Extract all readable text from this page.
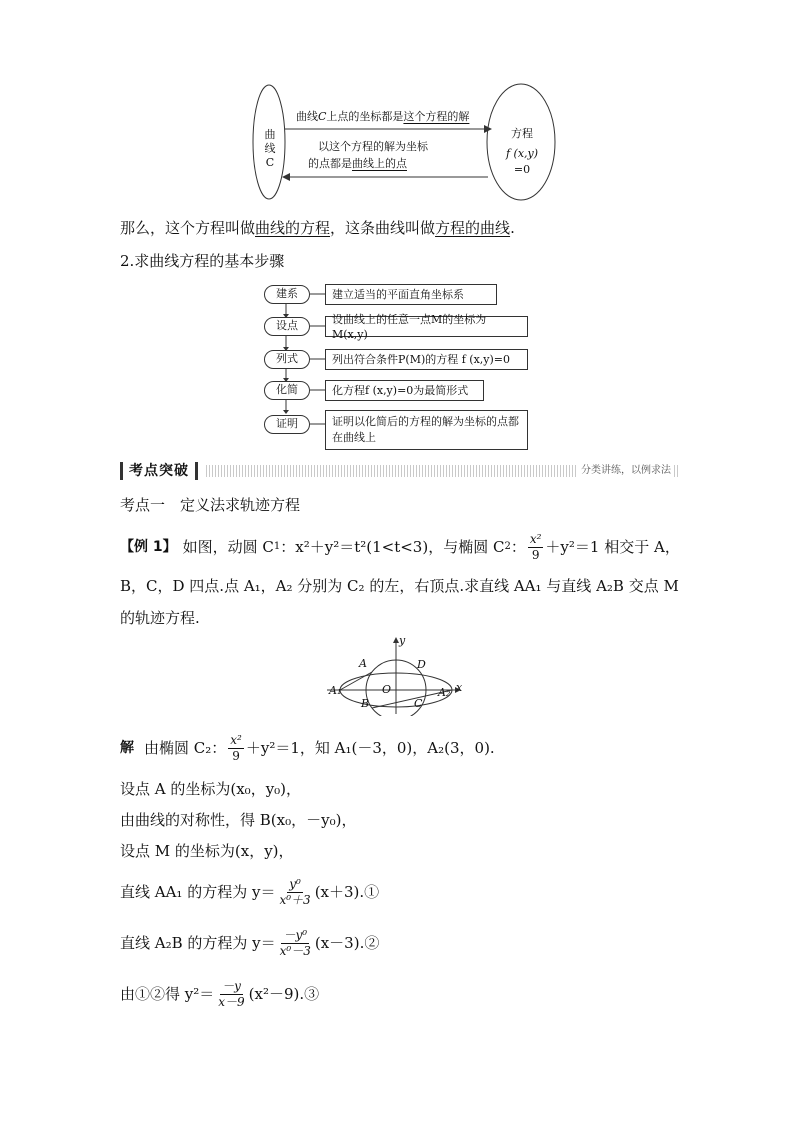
曲线C
方程
f (x,y)
=0
曲线C上点的坐标都是这个方程的解
以这个方程的解为坐标
的点都是曲线上的点
那么，这个方程叫做曲线的方程，这条曲线叫做方程的曲线.
2.求曲线方程的基本步骤
建系	建立适当的平面直角坐标系
设点	设曲线上的任意一点M的坐标为M(x,y)
列式	列出符合条件P(M)的方程 f (x,y)=0
化简	化方程f (x,y)=0为最简形式
证明	证明以化简后的方程的解为坐标的点都在曲线上
考点突破	分类讲练，以例求法
考点一　定义法求轨迹方程
【例 1】 如图，动圆 C 1 ：x²＋y²＝t²(1<t<3)，与椭圆 C 2 ： $\frac{\text{x²}}{9} +y^2=1$ 相交于 A，
B，C，D 四点.点 A₁，A₂ 分别为 C₂ 的左，右顶点.求直线 AA₁ 与直线 A₂B 交点 M
的轨迹方程.
y
x
O
A	D
B	C
A₁	A₂
解 由椭圆 C₂： $\frac{\text{x²}}{9} +y^2=1$，知 A₁(－3，0)，A₂(3，0).
设点 A 的坐标为(x₀，y₀)，
由曲线的对称性，得 B(x₀，－y₀)，
设点 M 的坐标为(x，y)，
直线 AA₁ 的方程为 $y= \frac{\text{y⁰}}{\text{x⁰＋3}}$ (x＋3).①
直线 A₂B 的方程为 $y= \frac{\text{－y⁰}}{\text{x⁰－3}}$ (x－3).②
由①②得 $y^2= \frac{-y}{x-9}$ (x²－9).③
